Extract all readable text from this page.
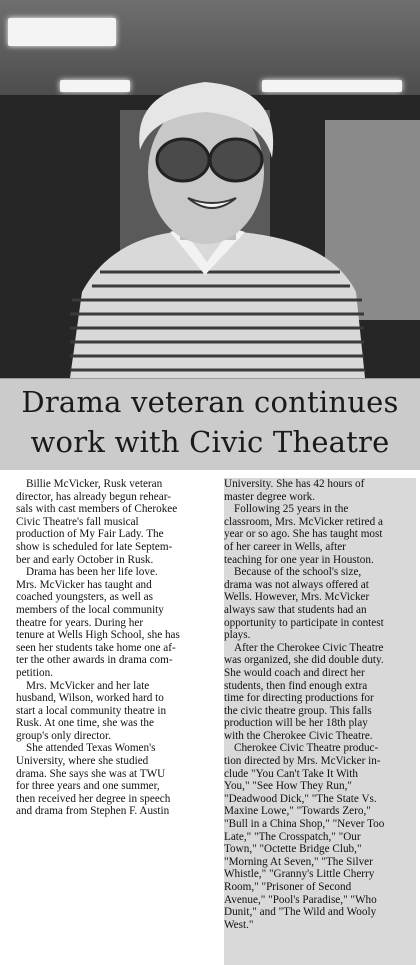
Drama veteran continues
work with Civic Theatre
Billie McVicker, Rusk veteran
director, has already begun rehear-
sals with cast members of Cherokee
Civic Theatre's fall musical
production of My Fair Lady. The
show is scheduled for late Septem-
ber and early October in Rusk.
Drama has been her life love.
Mrs. McVicker has taught and
coached youngsters, as well as
members of the local community
theatre for years. During her
tenure at Wells High School, she has
seen her students take home one af-
ter the other awards in drama com-
petition.
Mrs. McVicker and her late
husband, Wilson, worked hard to
start a local community theatre in
Rusk. At one time, she was the
group's only director.
She attended Texas Women's
University, where she studied
drama. She says she was at TWU
for three years and one summer,
then received her degree in speech
and drama from Stephen F. Austin
University. She has 42 hours of
master degree work.
Following 25 years in the
classroom, Mrs. McVicker retired a
year or so ago. She has taught most
of her career in Wells, after
teaching for one year in Houston.
Because of the school's size,
drama was not always offered at
Wells. However, Mrs. McVicker
always saw that students had an
opportunity to participate in contest
plays.
After the Cherokee Civic Theatre
was organized, she did double duty.
She would coach and direct her
students, then find enough extra
time for directing productions for
the civic theatre group. This falls
production will be her 18th play
with the Cherokee Civic Theatre.
Cherokee Civic Theatre produc-
tion directed by Mrs. McVicker in-
clude "You Can't Take It With
You," "See How They Run,"
"Deadwood Dick," "The State Vs.
Maxine Lowe," "Towards Zero,"
"Bull in a China Shop," "Never Too
Late," "The Crosspatch," "Our
Town," "Octette Bridge Club,"
"Morning At Seven," "The Silver
Whistle," "Granny's Little Cherry
Room," "Prisoner of Second
Avenue," "Pool's Paradise," "Who
Dunit," and "The Wild and Wooly
West."
